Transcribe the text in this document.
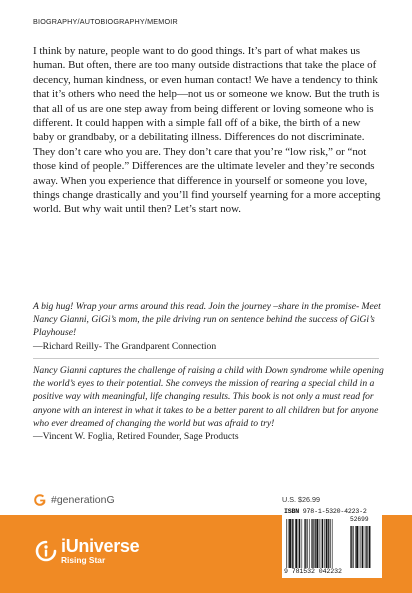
BIOGRAPHY/AUTOBIOGRAPHY/MEMOIR
I think by nature, people want to do good things. It’s part of what makes us human. But often, there are too many outside distractions that take the place of decency, human kindness, or even human contact! We have a tendency to think that it’s others who need the help—not us or someone we know. But the truth is that all of us are one step away from being different or loving someone who is different. It could happen with a simple fall off of a bike, the birth of a new baby or grandbaby, or a debilitating illness. Differences do not discriminate. They don’t care who you are. They don’t care that you’re “low risk,” or “not those kind of people.” Differences are the ultimate leveler and they’re seconds away. When you experience that difference in yourself or someone you love, things change drastically and you’ll find yourself yearning for a more accepting world. But why wait until then? Let’s start now.
A big hug! Wrap your arms around this read. Join the journey –share in the promise- Meet Nancy Gianni, GiGi’s mom, the pile driving run on sentence behind the success of GiGi’s Playhouse!
—Richard Reilly- The Grandparent Connection
Nancy Gianni captures the challenge of raising a child with Down syndrome while opening the world’s eyes to their potential. She conveys the mission of rearing a special child in a positive way with meaningful, life changing results. This book is not only a must read for anyone with an interest in what it takes to be a better parent to all children but for anyone who ever dreamed of changing the world but was afraid to try!
—Vincent W. Foglia, Retired Founder, Sage Products
#generationG	U.S. $26.99
iUniverse
Rising Star
ISBN 978-1-5320-4223-2
52699
9 781532 042232
